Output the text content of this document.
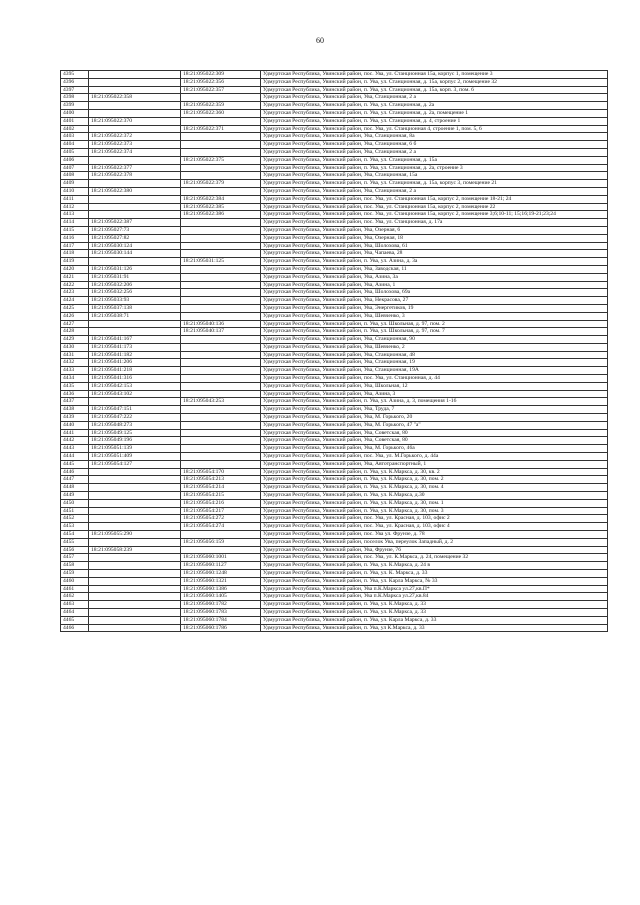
60
4395		18:21:095022:309	Удмуртская Республика, Увинский район, пос. Ува, ул. Станционная 15а, корпус 1, помещение 3
4396		18:21:095022:356	Удмуртская Республика, Увинский район, п. Ува, ул. Станционная, д. 15а, корпус 2, помещение 32
4397		18:21:095022:357	Удмуртская Республика, Увинский район, п. Ува, ул. Станционная, д. 15а, корп. 3, пом. 6
4398	18:21:095022:358		Удмуртская Республика, Увинский район, Ува, Станционная, 2 а
4399		18:21:095022:359	Удмуртская Республика, Увинский район, п. Ува, ул. Станционная, д. 2а
4400		18:21:095022:360	Удмуртская Республика, Увинский район, п. Ува, ул. Станционная, д. 2а, помещение 1
4401	18:21:095022:370		Удмуртская Республика, Увинский район, п. Ува, ул. Станционная, д. 4, строение 1
4402		18:21:095022:371	Удмуртская Республика, Увинский район, пос. Ува, ул. Станционная 4, строение 1, пом. 5, 6
4403	18:21:095022:372		Удмуртская Республика, Увинский район, Ува, Станционная, 8а
4404	18:21:095022:373		Удмуртская Республика, Увинский район, Ува, Станционная, 6 б
4405	18:21:095022:374		Удмуртская Республика, Увинский район, Ува, Станционная, 2 а
4406		18:21:095022:375	Удмуртская Республика, Увинский район, п. Ува, ул. Станционная, д. 15а
4407	18:21:095022:377		Удмуртская Республика, Увинский район, п. Ува, ул. Станционная, д. 2а, строение 3
4408	18:21:095022:378		Удмуртская Республика, Увинский район, Ува, Станционная, 15а
4409		18:21:095022:379	Удмуртская Республика, Увинский район, п. Ува, ул. Станционная, д. 15а, корпус 3, помещение 21
4410	18:21:095022:380		Удмуртская Республика, Увинский район, Ува, Станционная, 2 а
4411		18:21:095022:384	Удмуртская Республика, Увинский район, пос. Ува, ул. Станционная 15а, корпус 2, помещение 18-21; 24
4412		18:21:095022:385	Удмуртская Республика, Увинский район, пос. Ува, ул. Станционная 15а, корпус 2, помещение 22
4413		18:21:095022:386	Удмуртская Республика, Увинский район, пос. Ува, ул. Станционная 15а, корпус 2, помещение 3;6;10-11; 15;16;19-21;23;24
4414	18:21:095022:387		Удмуртская Республика, Увинский район, пос. Ува, ул. Станционная, д. 17а
4415	18:21:095027:73		Удмуртская Республика, Увинский район, Ува, Озерная, 6
4416	18:21:095027:82		Удмуртская Республика, Увинский район, Ува, Озерная, 18
4417	18:21:095030:124		Удмуртская Республика, Увинский район, Ува, Шолохова, 61
4418	18:21:095030:144		Удмуртская Республика, Увинский район, Ува, Чапаева, 28
4419		18:21:095031:125	Удмуртская Республика, Увинский район, п. Ува, ул. Азина, д. 3а
4420	18:21:095031:126		Удмуртская Республика, Увинский район, Ува, Заводская, 11
4421	18:21:095031:91		Удмуртская Республика, Увинский район, Ува, Азина, 3а
4422	18:21:095032:206		Удмуртская Республика, Увинский район, Ува, Азина, 1
4423	18:21:095032:256		Удмуртская Республика, Увинский район, Ува, Шолохова, 69а
4424	18:21:095033:93		Удмуртская Республика, Увинский район, Ува, Некрасова, 27
4425	18:21:095037:138		Удмуртская Республика, Увинский район, Ува, Энергетиков, 19
4426	18:21:095038:71		Удмуртская Республика, Увинский район, Ува, Шевченко, 3
4427		18:21:095040:136	Удмуртская Республика, Увинский район, п. Ува, ул. Школьная, д. 97, пом. 2
4428		18:21:095040:137	Удмуртская Республика, Увинский район, п. Ува, ул. Школьная, д. 97, пом. 7
4429	18:21:095041:167		Удмуртская Республика, Увинский район, Ува, Станционная, 90
4430	18:21:095041:173		Удмуртская Республика, Увинский район, Ува, Шевченко, 2
4431	18:21:095041:182		Удмуртская Республика, Увинский район, Ува, Станционная, 48
4432	18:21:095041:206		Удмуртская Республика, Увинский район, Ува, Станционная, 19
4433	18:21:095041:218		Удмуртская Республика, Увинский район, Ува, Станционная, 19А
4434	18:21:095041:316		Удмуртская Республика, Увинский район, пос. Ува, ул. Станционная, д. 44
4435	18:21:095042:153		Удмуртская Республика, Увинский район, Ува, Школьная, 12
4436	18:21:095043:102		Удмуртская Республика, Увинский район, Ува, Азина, 3
4437		18:21:095043:253	Удмуртская Республика, Увинский район, п. Ува, ул. Азина, д. 3, помещения 1-16
4438	18:21:095047:151		Удмуртская Республика, Увинский район, Ува, Труда, 7
4439	18:21:095047:222		Удмуртская Республика, Увинский район, Ува, М. Горького, 20
4440	18:21:095048:273		Удмуртская Республика, Увинский район, Ува, М. Горького, 47 "а"
4441	18:21:095049:125		Удмуртская Республика, Увинский район, Ува, Советская, 80
4442	18:21:095049:196		Удмуртская Республика, Увинский район, Ува, Советская, 80
4443	18:21:095051:139		Удмуртская Республика, Увинский район, Ува, М. Горького, 46а
4444	18:21:095051:409		Удмуртская Республика, Увинский район, пос. Ува, ул. М.Горького, д. 44а
4445	18:21:095054:127		Удмуртская Республика, Увинский район, Ува, Автотранспортный, 1
4446		18:21:095054:170	Удмуртская Республика, Увинский район, п. Ува, ул. К.Маркса, д. 30, кв. 2
4447		18:21:095054:213	Удмуртская Республика, Увинский район, п. Ува, ул. К.Маркса, д. 30, пом. 2
4448		18:21:095054:214	Удмуртская Республика, Увинский район, п. Ува, ул. К.Маркса, д. 30, пом. 4
4449		18:21:095054:215	Удмуртская Республика, Увинский район, п. Ува, ул. К.Маркса, д.30
4450		18:21:095054:216	Удмуртская Республика, Увинский район, п. Ува, ул. К.Маркса, д. 30, пом. 1
4451		18:21:095054:217	Удмуртская Республика, Увинский район, п. Ува, ул. К.Маркса, д. 30, пом. 3
4452		18:21:095054:272	Удмуртская Республика, Увинский район, пос. Ува, ул. Красная, д. 103, офис 2
4453		18:21:095054:274	Удмуртская Республика, Увинский район, пос. Ува, ул. Красная, д. 103, офис 4
4454	18:21:095055:290		Удмуртская Республика, Увинский район, пос. Ува ул. Фрунзе, д. 78
4455		18:21:095056:159	Удмуртская Республика, Увинский район, поселок Ува, переулок Западный, д. 2
4456	18:21:095058:239		Удмуртская Республика, Увинский район, Ува, Фрунзе, 76
4457		18:21:095060:1001	Удмуртская Республика, Увинский район, пос. Ува, ул. К.Маркса, д. 24, помещение 32
4458		18:21:095060:1127	Удмуртская Республика, Увинский район, п. Ува, ул. К.Маркса, д. 24 в
4459		18:21:095060:1248	Удмуртская Республика, Увинский район, п. Ува, ул. К. Маркса, д. 33
4460		18:21:095060:1321	Удмуртская Республика, Увинский район, п. Ува, ул. Карла Маркса, № 33
4461		18:21:095060:1386	Удмуртская Республика, Увинский район, Ува п.К.Маркса ул.27,кв.П*
4462		18:21:095060:1405	Удмуртская Республика, Увинский район, Ува п.К.Маркса ул.27,кв.84
4463		18:21:095060:1782	Удмуртская Республика, Увинский район, п. Ува, ул. К.Маркса, д. 33
4464		18:21:095060:1783	Удмуртская Республика, Увинский район, п. Ува, ул. К.Маркса, д. 33
4465		18:21:095060:1784	Удмуртская Республика, Увинский район, п. Ува, ул. Карла Маркса, д. 33
4466		18:21:095060:1786	Удмуртская Республика, Увинский район, п. Ува, ул К.Маркса, д. 33
